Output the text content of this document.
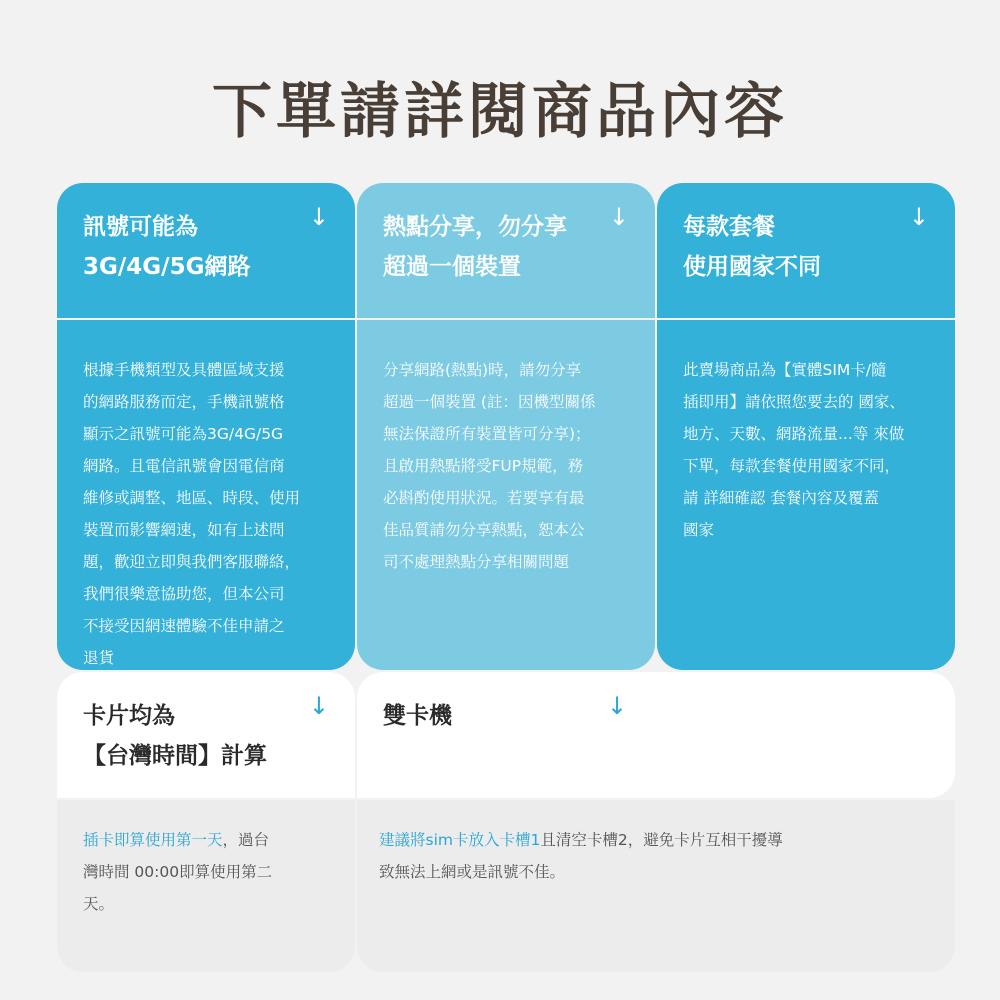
下單請詳閱商品內容
訊號可能為
3G/4G/5G網路
↓ 熱點分享，勿分享
超過一個裝置
↓ 每款套餐
使用國家不同
↓
根據手機類型及具體區域支援
的網路服務而定，手機訊號格
顯示之訊號可能為3G/4G/5G
網路。且電信訊號會因電信商
維修或調整、地區、時段、使用
裝置而影響網速，如有上述問
題，歡迎立即與我們客服聯絡，
我們很樂意協助您，但本公司
不接受因網速體驗不佳申請之
退貨
分享網路(熱點)時，請勿分享
超過一個裝置 (註：因機型關係
無法保證所有裝置皆可分享)；
且啟用熱點將受FUP規範，務
必斟酌使用狀況。若要享有最
佳品質請勿分享熱點，恕本公
司不處理熱點分享相關問題
此賣場商品為【實體SIM卡/隨
插即用】請依照您要去的 國家、
地方、天數、網路流量...等 來做
下單，每款套餐使用國家不同，
請 詳細確認 套餐內容及覆蓋
國家
卡片均為
【台灣時間】計算
↓ 雙卡機	↓
插卡即算使用第一天，過台
灣時間 00:00即算使用第二
天。
建議將sim卡放入卡槽1且清空卡槽2，避免卡片互相干擾導
致無法上網或是訊號不佳。
